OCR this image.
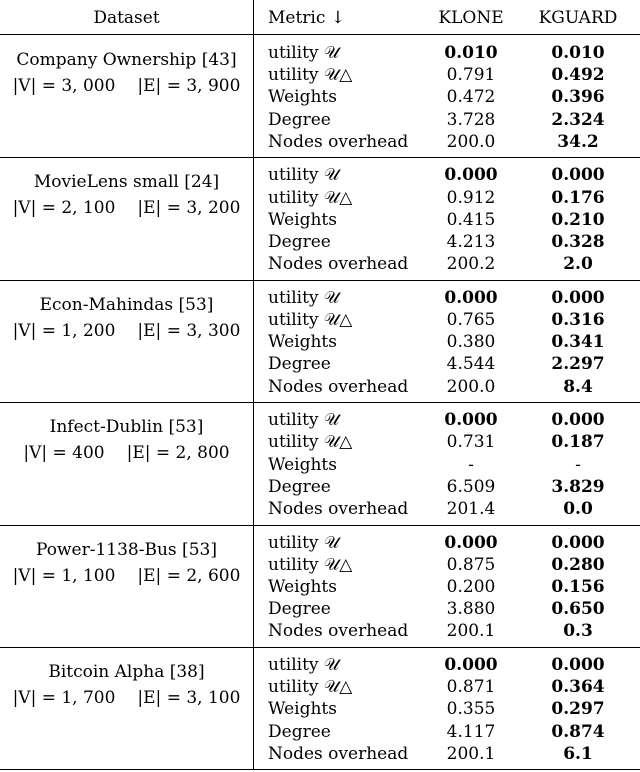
Dataset	Metric ↓	KLONE	KGUARD
Company Ownership [43]
|V| = 3, 000 |E| = 3, 900
utility 𝒰	0.010	0.010
utility 𝒰△	0.791	0.492
Weights	0.472	0.396
Degree	3.728	2.324
Nodes overhead	200.0	34.2
MovieLens small [24]
|V| = 2, 100 |E| = 3, 200
utility 𝒰	0.000	0.000
utility 𝒰△	0.912	0.176
Weights	0.415	0.210
Degree	4.213	0.328
Nodes overhead	200.2	2.0
Econ-Mahindas [53]
|V| = 1, 200 |E| = 3, 300
utility 𝒰	0.000	0.000
utility 𝒰△	0.765	0.316
Weights	0.380	0.341
Degree	4.544	2.297
Nodes overhead	200.0	8.4
Infect-Dublin [53]
|V| = 400 |E| = 2, 800
utility 𝒰	0.000	0.000
utility 𝒰△	0.731	0.187
Weights	-	-
Degree	6.509	3.829
Nodes overhead	201.4	0.0
Power-1138-Bus [53]
|V| = 1, 100 |E| = 2, 600
utility 𝒰	0.000	0.000
utility 𝒰△	0.875	0.280
Weights	0.200	0.156
Degree	3.880	0.650
Nodes overhead	200.1	0.3
Bitcoin Alpha [38]
|V| = 1, 700 |E| = 3, 100
utility 𝒰	0.000	0.000
utility 𝒰△	0.871	0.364
Weights	0.355	0.297
Degree	4.117	0.874
Nodes overhead	200.1	6.1
